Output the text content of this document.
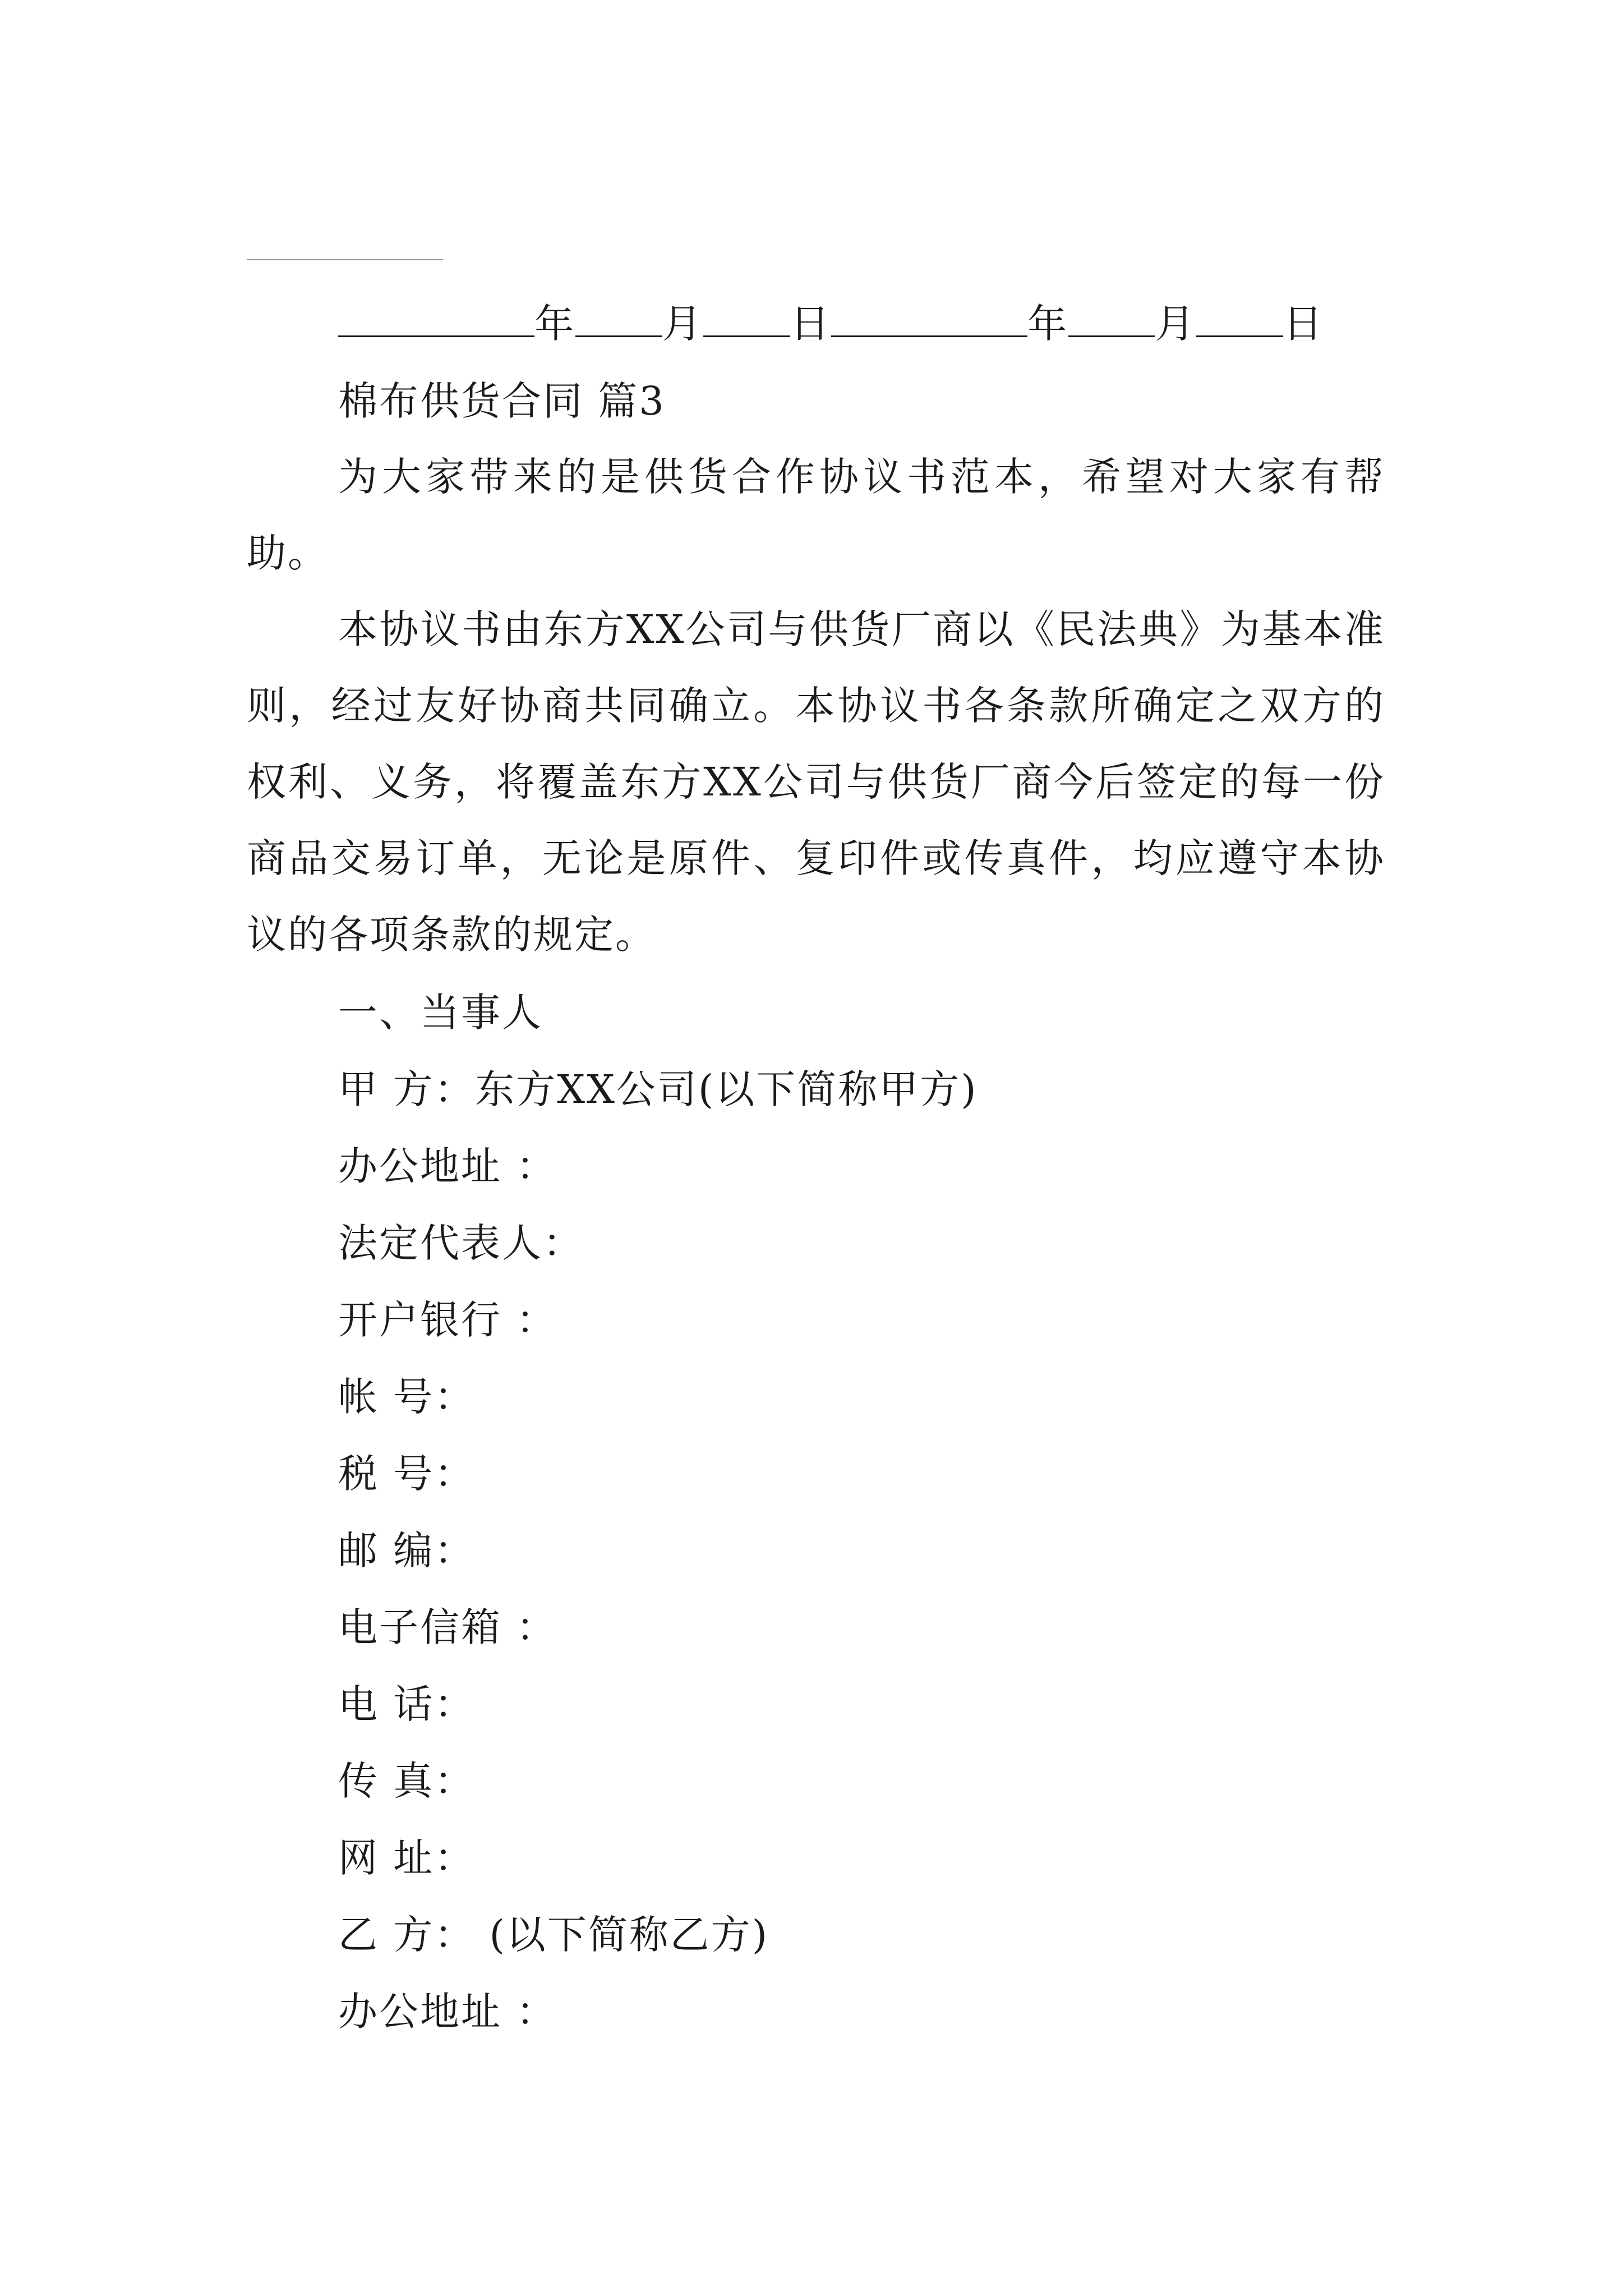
年 月 日	年 月 日
棉布供货合同 篇3
为大家带来的是供货合作协议书范本，希望对大家有帮助。
本协议书由东方XX公司与供货厂商以《民法典》为基本准则，经过友好协商共同确立。本协议书各条款所确定之双方的权利、义务，将覆盖东方XX公司与供货厂商今后签定的每一份商品交易订单，无论是原件、复印件或传真件，均应遵守本协议的各项条款的规定。
一、当事人
甲 方：东方XX公司(以下简称甲方)
办公地址 ：
法定代表人：
开户银行 ：
帐 号：
税 号：
邮 编：
电子信箱 ：
电 话：
传 真：
网 址：
乙 方： (以下简称乙方)
办公地址 ：
